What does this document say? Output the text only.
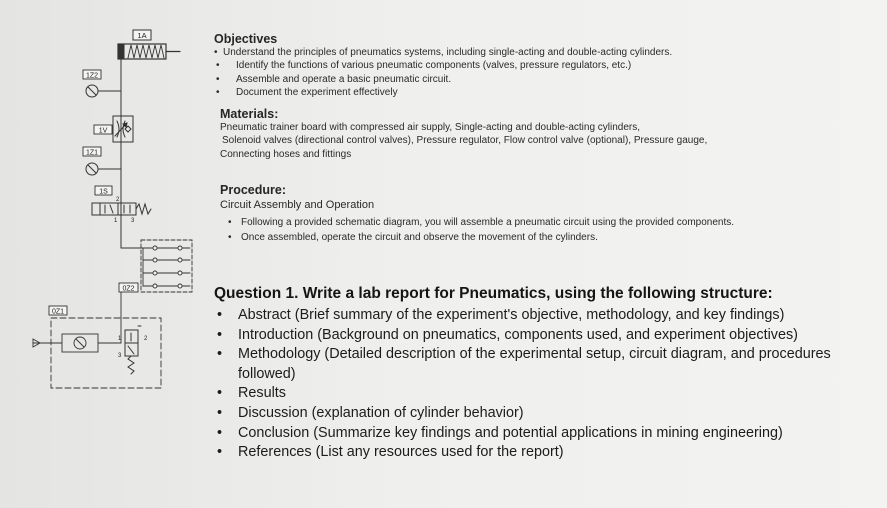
1A
1Z2
1V
1Z1
1S
2
1 3
0Z2
0Z1
1	2
3
Objectives
• Understand the principles of pneumatics systems, including single-acting and double-acting cylinders.
• Identify the functions of various pneumatic components (valves, pressure regulators, etc.)
• Assemble and operate a basic pneumatic circuit.
• Document the experiment effectively
Materials:
Pneumatic trainer board with compressed air supply, Single-acting and double-acting cylinders,
Solenoid valves (directional control valves), Pressure regulator, Flow control valve (optional), Pressure gauge,
Connecting hoses and fittings
Procedure:
Circuit Assembly and Operation
• Following a provided schematic diagram, you will assemble a pneumatic circuit using the provided components.
• Once assembled, operate the circuit and observe the movement of the cylinders.
Question 1. Write a lab report for Pneumatics, using the following structure:
• Abstract (Brief summary of the experiment's objective, methodology, and key findings)
• Introduction (Background on pneumatics, components used, and experiment objectives)
• Methodology (Detailed description of the experimental setup, circuit diagram, and procedures followed)
• Results
• Discussion (explanation of cylinder behavior)
• Conclusion (Summarize key findings and potential applications in mining engineering)
• References (List any resources used for the report)
